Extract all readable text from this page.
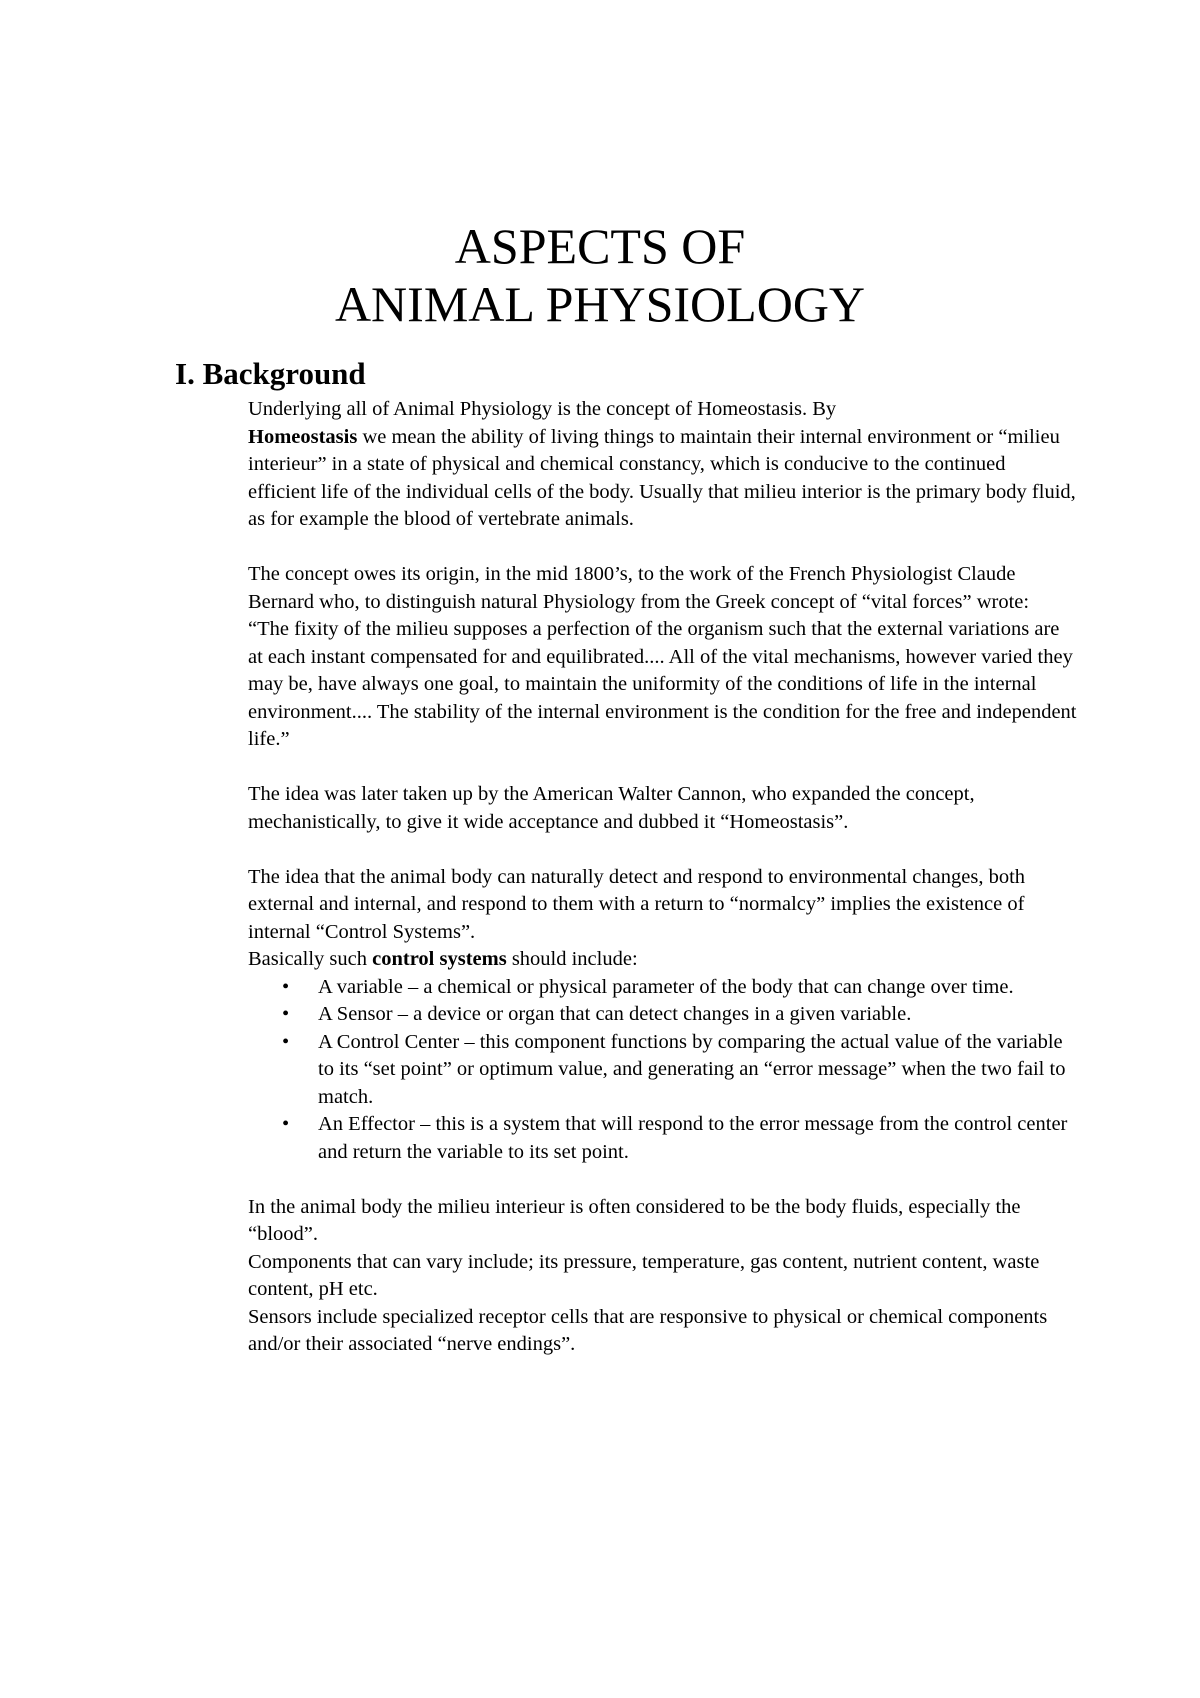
ASPECTS OF
ANIMAL PHYSIOLOGY
I. Background

Underlying all of Animal Physiology is the concept of Homeostasis. By
Homeostasis we mean the ability of living things to maintain their internal environment or “milieu interieur” in a state of physical and chemical constancy, which is conducive to the continued efficient life of the individual cells of the body. Usually that milieu interior is the primary body fluid, as for example the blood of vertebrate animals.

The concept owes its origin, in the mid 1800’s, to the work of the French Physiologist Claude Bernard who, to distinguish natural Physiology from the Greek concept of “vital forces” wrote:

“The fixity of the milieu supposes a perfection of the organism such that the external variations are at each instant compensated for and equilibrated.... All of the vital mechanisms, however varied they may be, have always one goal, to maintain the uniformity of the conditions of life in the internal environment.... The stability of the internal environment is the condition for the free and independent life.”

The idea was later taken up by the American Walter Cannon, who expanded the concept, mechanistically, to give it wide acceptance and dubbed it “Homeostasis”.

The idea that the animal body can naturally detect and respond to environmental changes, both external and internal, and respond to them with a return to “normalcy” implies the existence of internal “Control Systems”.

Basically such control systems should include:

• A variable – a chemical or physical parameter of the body that can change over time.
• A Sensor – a device or organ that can detect changes in a given variable.
• A Control Center – this component functions by comparing the actual value of the variable to its “set point” or optimum value, and generating an “error message” when the two fail to match.
• An Effector – this is a system that will respond to the error message from the control center and return the variable to its set point.

In the animal body the milieu interieur is often considered to be the body fluids, especially the “blood”.

Components that can vary include; its pressure, temperature, gas content, nutrient content, waste content, pH etc.

Sensors include specialized receptor cells that are responsive to physical or chemical components and/or their associated “nerve endings”.
